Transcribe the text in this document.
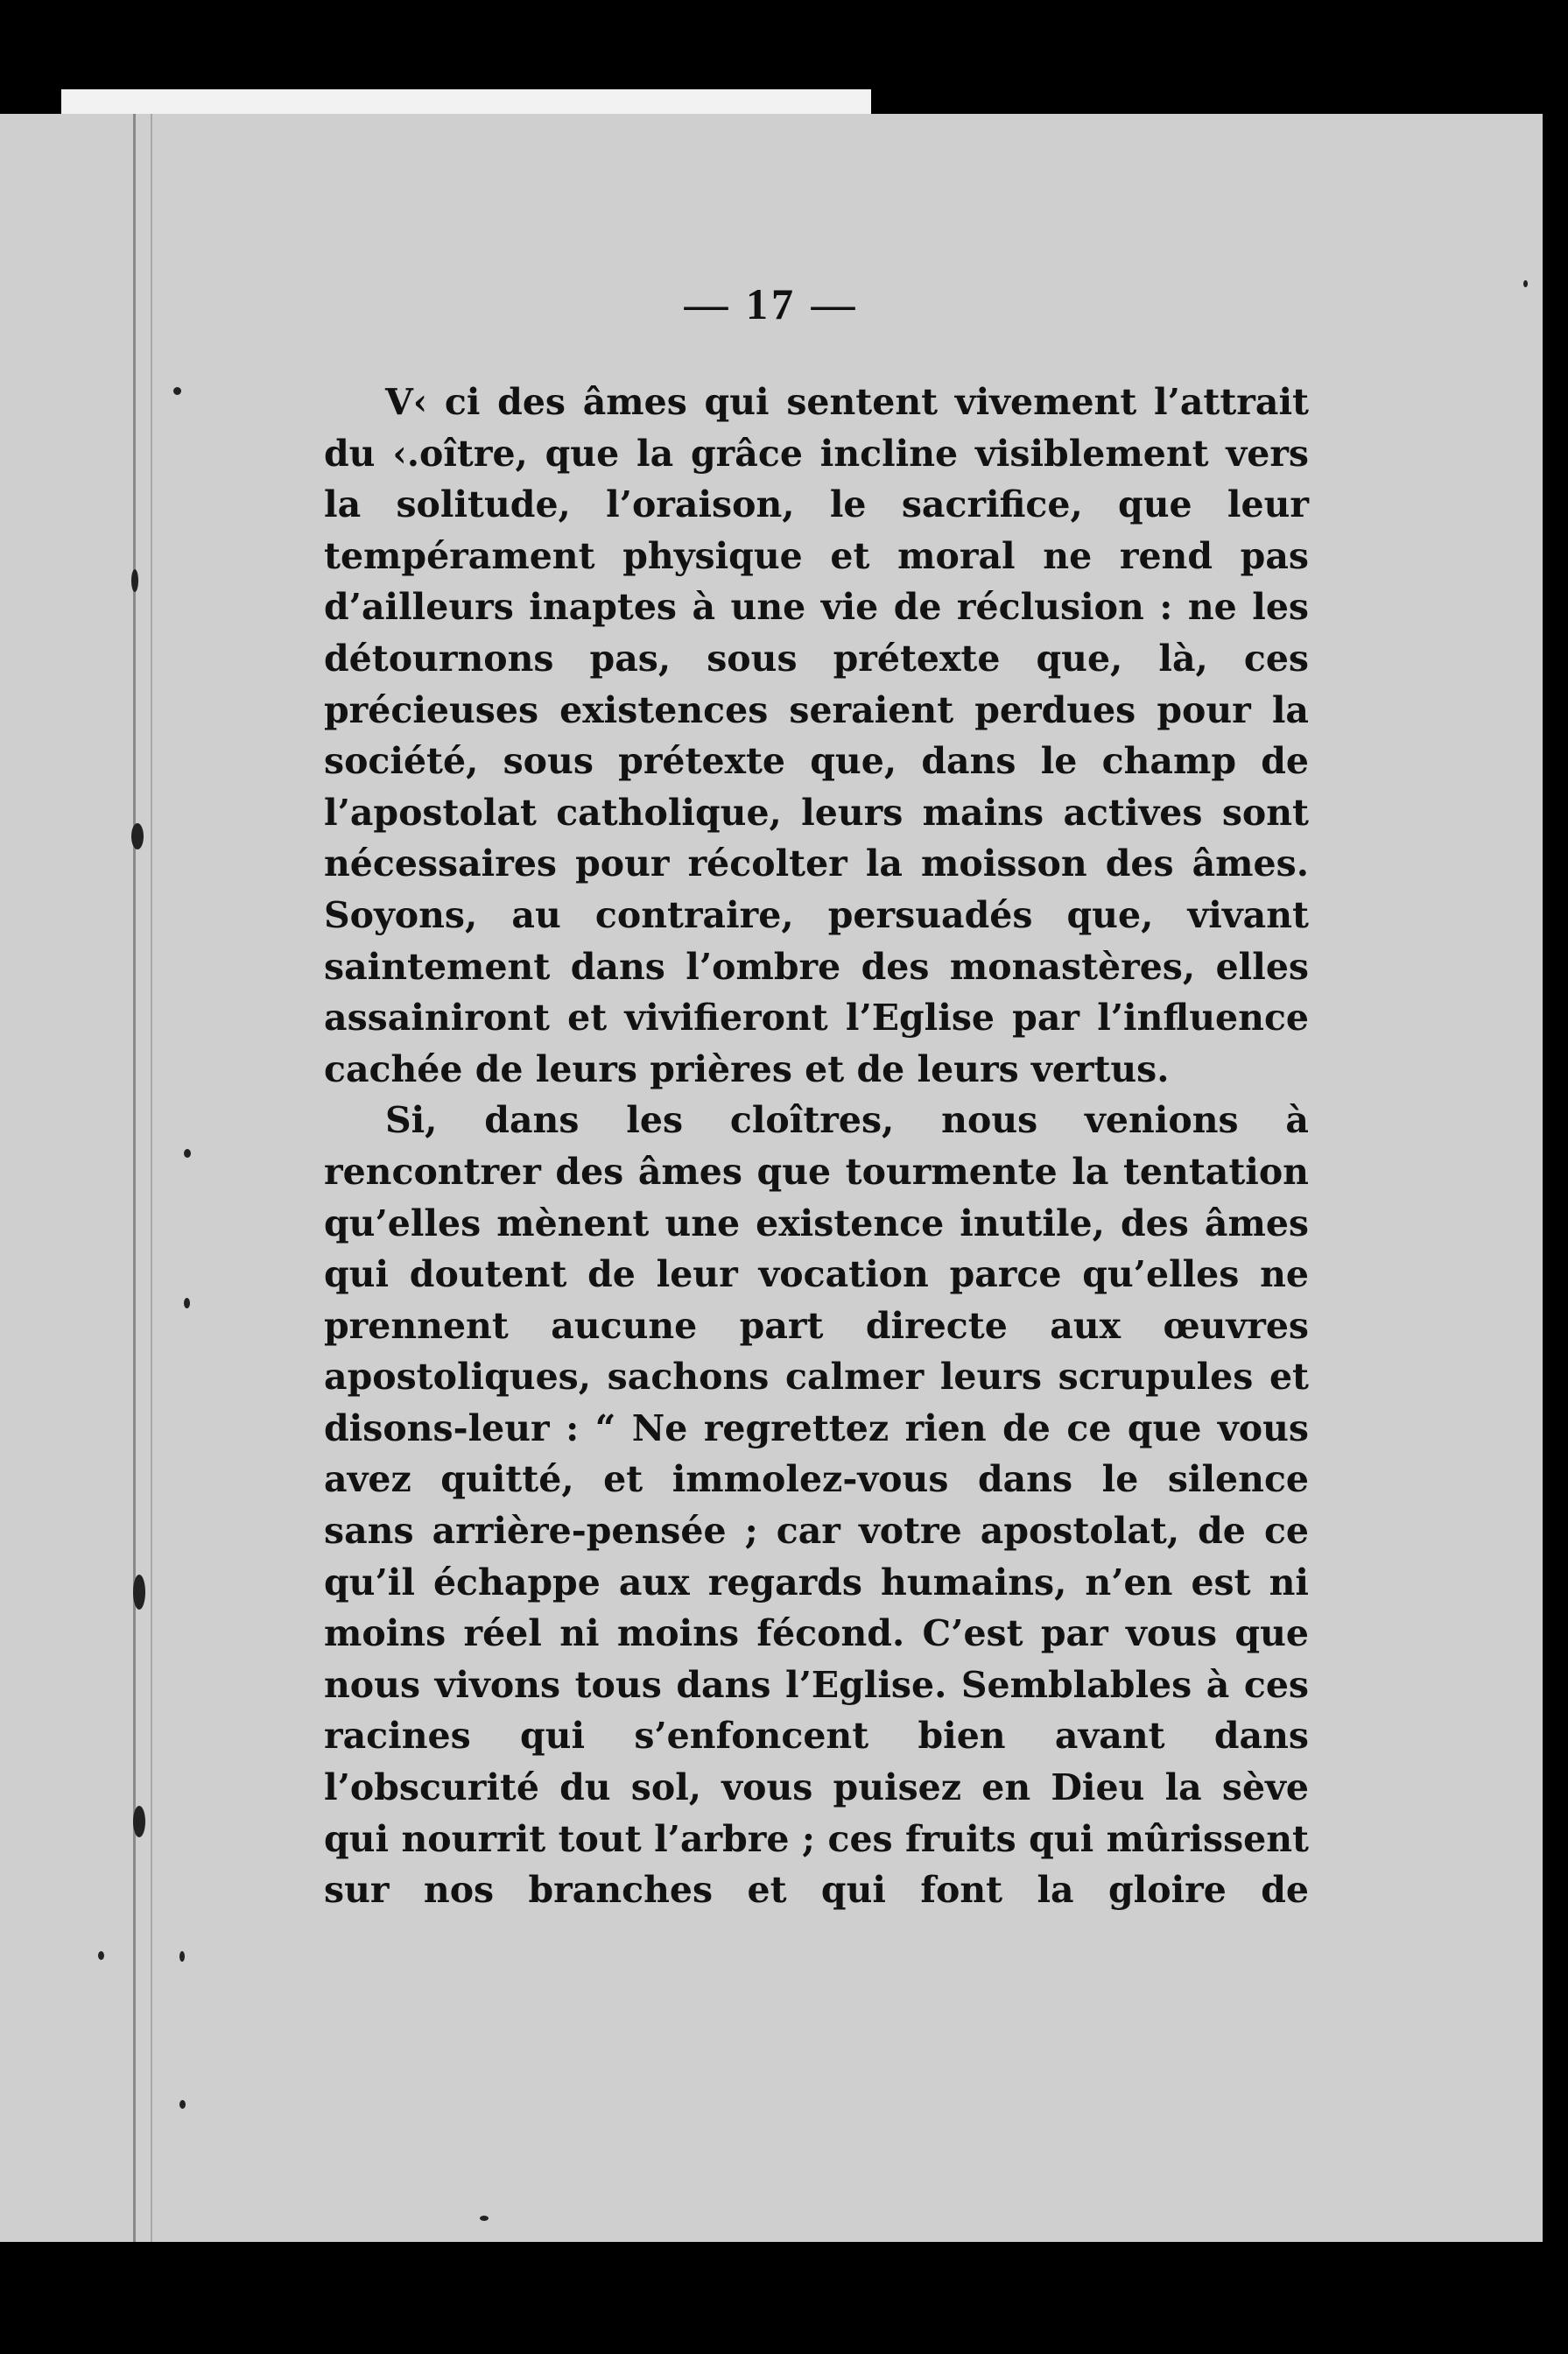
— 17 —

V‹ ci des âmes qui sentent vivement l’attrait du ‹.oître, que la grâce incline visiblement vers la solitude, l’oraison, le sacrifice, que leur tempérament physique et moral ne rend pas d’ailleurs inaptes à une vie de réclusion : ne les détournons pas, sous prétexte que, là, ces précieuses existences seraient perdues pour la société, sous prétexte que, dans le champ de l’apostolat catholique, leurs mains actives sont nécessaires pour récolter la moisson des âmes. Soyons, au contraire, persuadés que, vivant saintement dans l’ombre des monastères, elles assainiront et vivifieront l’Eglise par l’influence cachée de leurs prières et de leurs vertus.

Si, dans les cloîtres, nous venions à rencontrer des âmes que tourmente la tentation qu’elles mènent une existence inutile, des âmes qui doutent de leur vocation parce qu’elles ne prennent aucune part directe aux œuvres apostoliques, sachons calmer leurs scrupules et disons-leur : “ Ne regrettez rien de ce que vous avez quitté, et immolez-vous dans le silence sans arrière-pensée ; car votre apostolat, de ce qu’il échappe aux regards humains, n’en est ni moins réel ni moins fécond. C’est par vous que nous vivons tous dans l’Eglise. Semblables à ces racines qui s’enfoncent bien avant dans l’obscurité du sol, vous puisez en Dieu la sève qui nourrit tout l’arbre ; ces fruits qui mûrissent sur nos branches et qui font la gloire de
